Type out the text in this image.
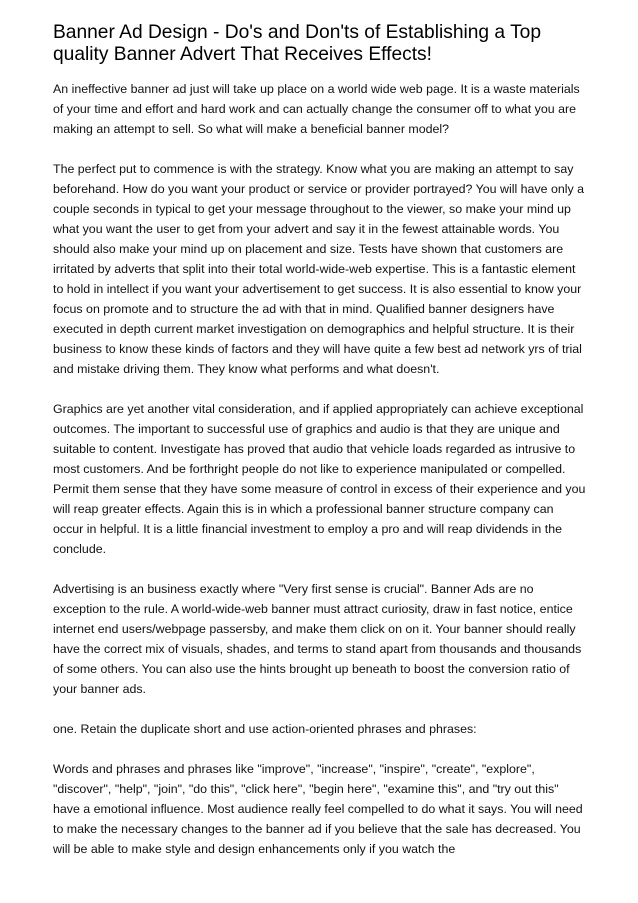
Banner Ad Design - Do's and Don'ts of Establishing a Top
quality Banner Advert That Receives Effects!

An ineffective banner ad just will take up place on a world wide web page. It is a waste materials of your time and effort and hard work and can actually change the consumer off to what you are making an attempt to sell. So what will make a beneficial banner model?

The perfect put to commence is with the strategy. Know what you are making an attempt to say beforehand. How do you want your product or service or provider portrayed? You will have only a couple seconds in typical to get your message throughout to the viewer, so make your mind up what you want the user to get from your advert and say it in the fewest attainable words. You should also make your mind up on placement and size. Tests have shown that customers are irritated by adverts that split into their total world-wide-web expertise. This is a fantastic element to hold in intellect if you want your advertisement to get success. It is also essential to know your focus on promote and to structure the ad with that in mind. Qualified banner designers have executed in depth current market investigation on demographics and helpful structure. It is their business to know these kinds of factors and they will have quite a few best ad network yrs of trial and mistake driving them. They know what performs and what doesn't.

Graphics are yet another vital consideration, and if applied appropriately can achieve exceptional outcomes. The important to successful use of graphics and audio is that they are unique and suitable to content. Investigate has proved that audio that vehicle loads regarded as intrusive to most customers. And be forthright people do not like to experience manipulated or compelled. Permit them sense that they have some measure of control in excess of their experience and you will reap greater effects. Again this is in which a professional banner structure company can occur in helpful. It is a little financial investment to employ a pro and will reap dividends in the conclude.

Advertising is an business exactly where "Very first sense is crucial". Banner Ads are no exception to the rule. A world-wide-web banner must attract curiosity, draw in fast notice, entice internet end users/webpage passersby, and make them click on on it. Your banner should really have the correct mix of visuals, shades, and terms to stand apart from thousands and thousands of some others. You can also use the hints brought up beneath to boost the conversion ratio of your banner ads.

one. Retain the duplicate short and use action-oriented phrases and phrases:

Words and phrases and phrases like "improve", "increase", "inspire", "create", "explore", "discover", "help", "join", "do this", "click here", "begin here", "examine this", and "try out this" have a emotional influence. Most audience really feel compelled to do what it says. You will need to make the necessary changes to the banner ad if you believe that the sale has decreased. You will be able to make style and design enhancements only if you watch the
